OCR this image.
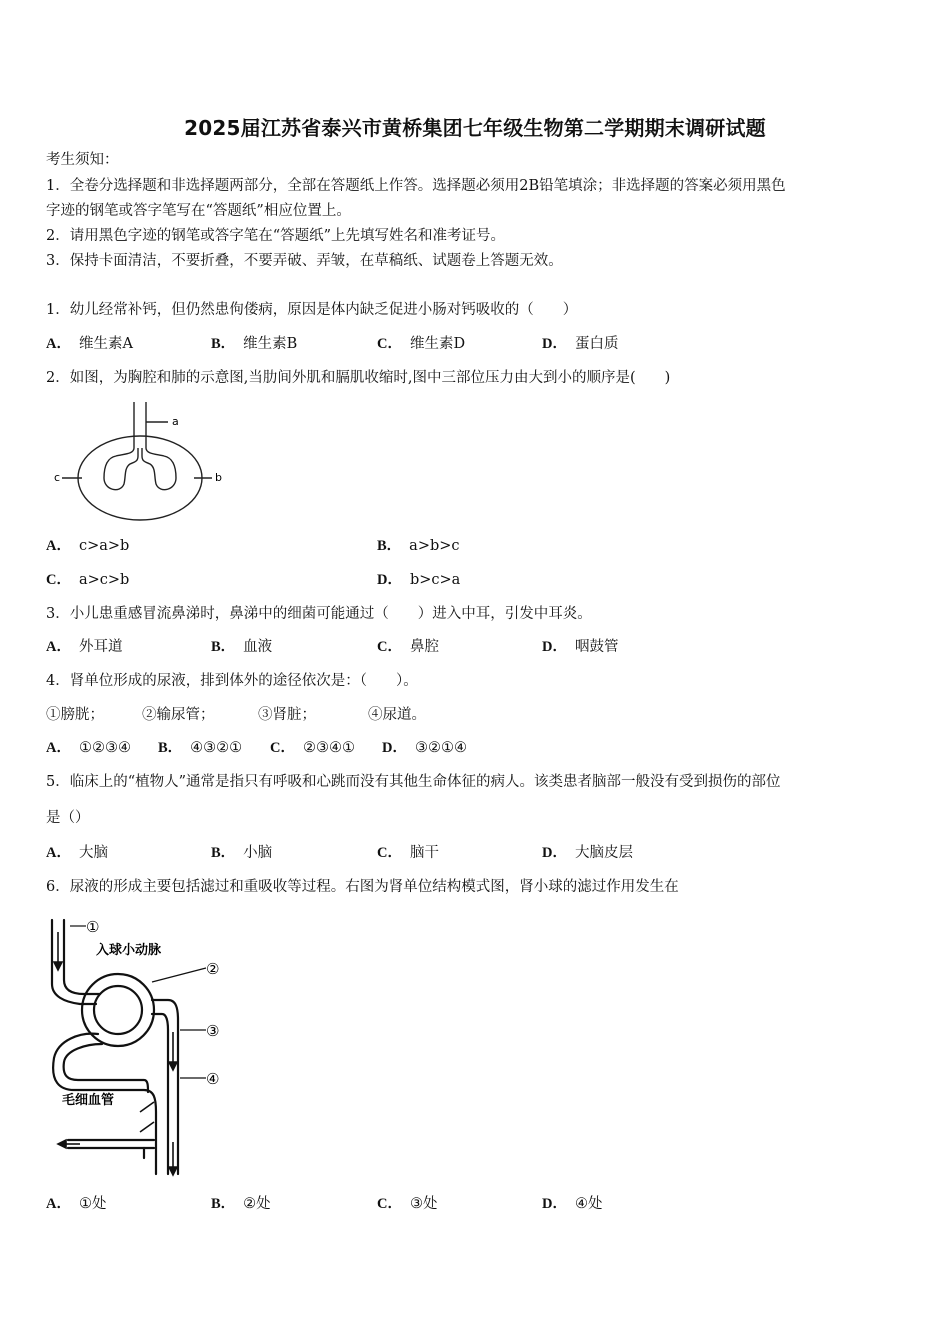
2025届江苏省泰兴市黄桥集团七年级生物第二学期期末调研试题
考生须知：
1．全卷分选择题和非选择题两部分，全部在答题纸上作答。选择题必须用2B铅笔填涂；非选择题的答案必须用黑色
字迹的钢笔或答字笔写在“答题纸”相应位置上。
2．请用黑色字迹的钢笔或答字笔在“答题纸”上先填写姓名和准考证号。
3．保持卡面清洁，不要折叠，不要弄破、弄皱，在草稿纸、试题卷上答题无效。
1．幼儿经常补钙，但仍然患佝偻病，原因是体内缺乏促进小肠对钙吸收的（　　）
A． 维生素A	B． 维生素B	C． 维生素D	D． 蛋白质
2．如图，为胸腔和肺的示意图,当肋间外肌和膈肌收缩时,图中三部位压力由大到小的顺序是(　　)
a
c	b
A． c>a>b	B． a>b>c
C． a>c>b	D． b>c>a
3．小儿患重感冒流鼻涕时，鼻涕中的细菌可能通过（　　）进入中耳，引发中耳炎。
A． 外耳道	B． 血液	C． 鼻腔	D． 咽鼓管
4．肾单位形成的尿液，排到体外的途径依次是：（　　）。
①膀胱；	②输尿管；	③肾脏；	④尿道。
A． ①②③④ B． ④③②① C． ②③④① D． ③②①④
5．临床上的“植物人”通常是指只有呼吸和心跳而没有其他生命体征的病人。该类患者脑部一般没有受到损伤的部位
是（）
A． 大脑	B． 小脑	C． 脑干	D． 大脑皮层
6．尿液的形成主要包括滤过和重吸收等过程。右图为肾单位结构模式图，肾小球的滤过作用发生在
①
入球小动脉
②
③
④
毛细血管
A． ①处	B． ②处	C． ③处	D． ④处
